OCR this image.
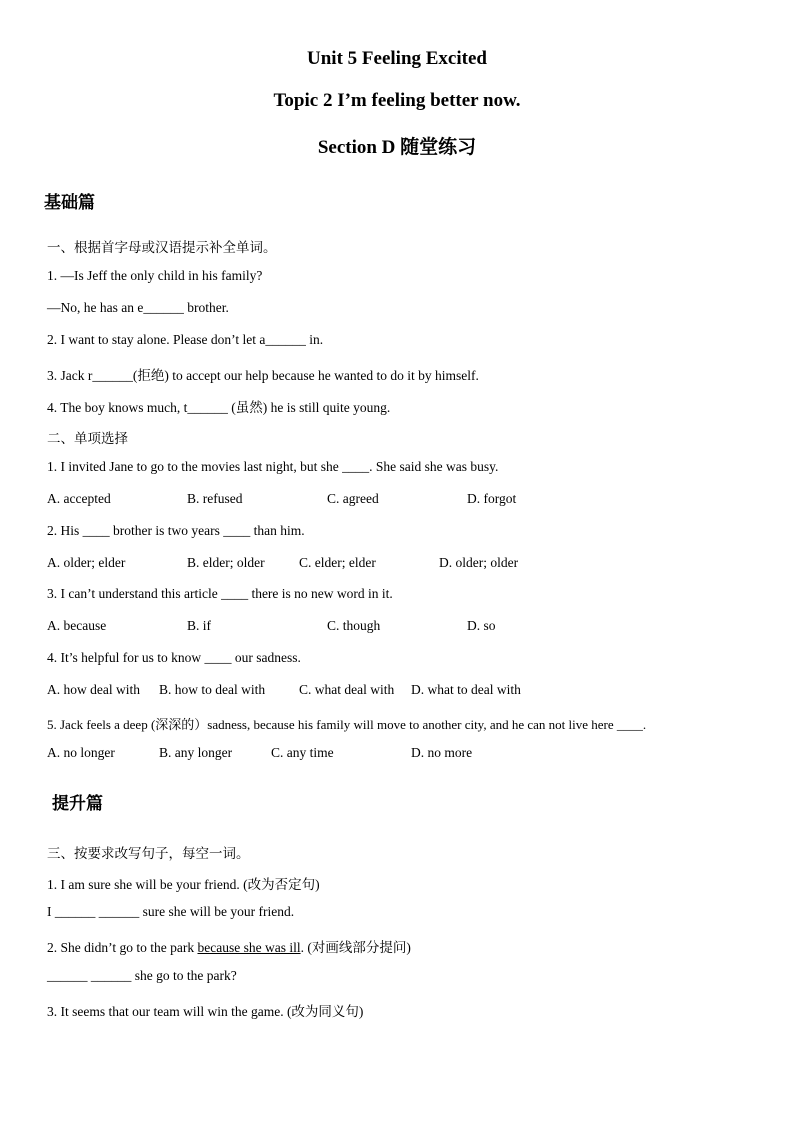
Unit 5 Feeling Excited
Topic 2 I’m feeling better now.
Section D 随堂练习
基础篇
一、根据首字母或汉语提示补全单词。
1. —Is Jeff the only child in his family?
—No, he has an e______ brother.
2. I want to stay alone. Please don’t let a______ in.
3. Jack r______(拒绝) to accept our help because he wanted to do it by himself.
4. The boy knows much, t______ (虽然) he is still quite young.
二、单项选择
1. I invited Jane to go to the movies last night, but she ____. She said she was busy.
A. accepted	B. refused	C. agreed	D. forgot
2. His ____ brother is two years ____ than him.
A. older; elder	B. elder; older	C. elder; elder	D. older; older
3. I can’t understand this article ____ there is no new word in it.
A. because	B. if	C. though	D. so
4. It’s helpful for us to know ____ our sadness.
A. how deal with B. how to deal with	C. what deal with D. what to deal with
5. Jack feels a deep (深深的）sadness, because his family will move to another city, and he can not live here ____.
A. no longer	B. any longer	C. any time	D. no more
提升篇
三、按要求改写句子，每空一词。
1. I am sure she will be your friend. (改为否定句)
I ______ ______ sure she will be your friend.
2. She didn’t go to the park because she was ill. (对画线部分提问)
______ ______ she go to the park?
3. It seems that our team will win the game. (改为同义句)
